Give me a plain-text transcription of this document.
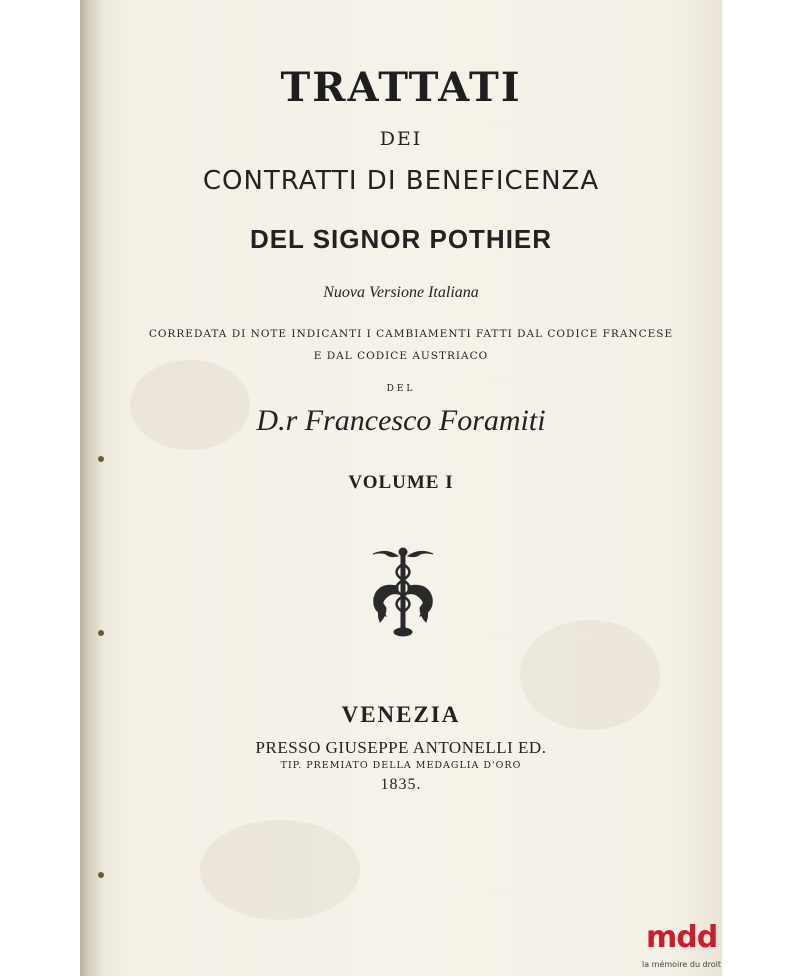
TRATTATI
DEI
CONTRATTI DI BENEFICENZA
DEL SIGNOR POTHIER
Nuova Versione Italiana
CORREDATA DI NOTE INDICANTI I CAMBIAMENTI FATTI DAL CODICE FRANCESE
E DAL CODICE AUSTRIACO
DEL
D.r Francesco Foramiti
VOLUME I
VENEZIA
PRESSO GIUSEPPE ANTONELLI ED.
TIP. PREMIATO DELLA MEDAGLIA D'ORO
1835.
mdd
la mémoire du droit
